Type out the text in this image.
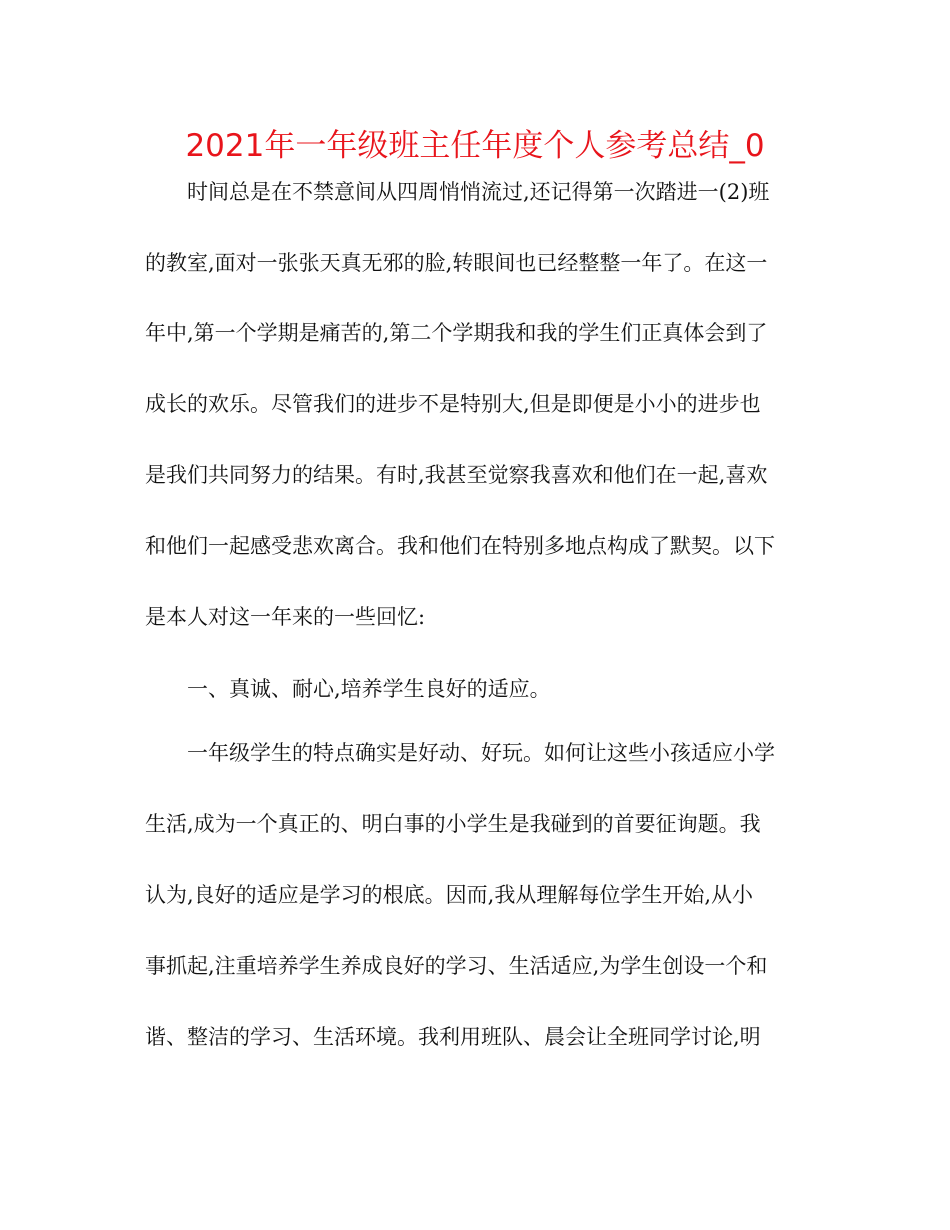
2021年一年级班主任年度个人参考总结_0
时间总是在不禁意间从四周悄悄流过,还记得第一次踏进一(2)班
的教室,面对一张张天真无邪的脸,转眼间也已经整整一年了。在这一
年中,第一个学期是痛苦的,第二个学期我和我的学生们正真体会到了
成长的欢乐。尽管我们的进步不是特别大,但是即便是小小的进步也
是我们共同努力的结果。有时,我甚至觉察我喜欢和他们在一起,喜欢
和他们一起感受悲欢离合。我和他们在特别多地点构成了默契。以下
是本人对这一年来的一些回忆:
一、真诚、耐心,培养学生良好的适应。
一年级学生的特点确实是好动、好玩。如何让这些小孩适应小学
生活,成为一个真正的、明白事的小学生是我碰到的首要征询题。我
认为,良好的适应是学习的根底。因而,我从理解每位学生开始,从小
事抓起,注重培养学生养成良好的学习、生活适应,为学生创设一个和
谐、整洁的学习、生活环境。我利用班队、晨会让全班同学讨论,明
